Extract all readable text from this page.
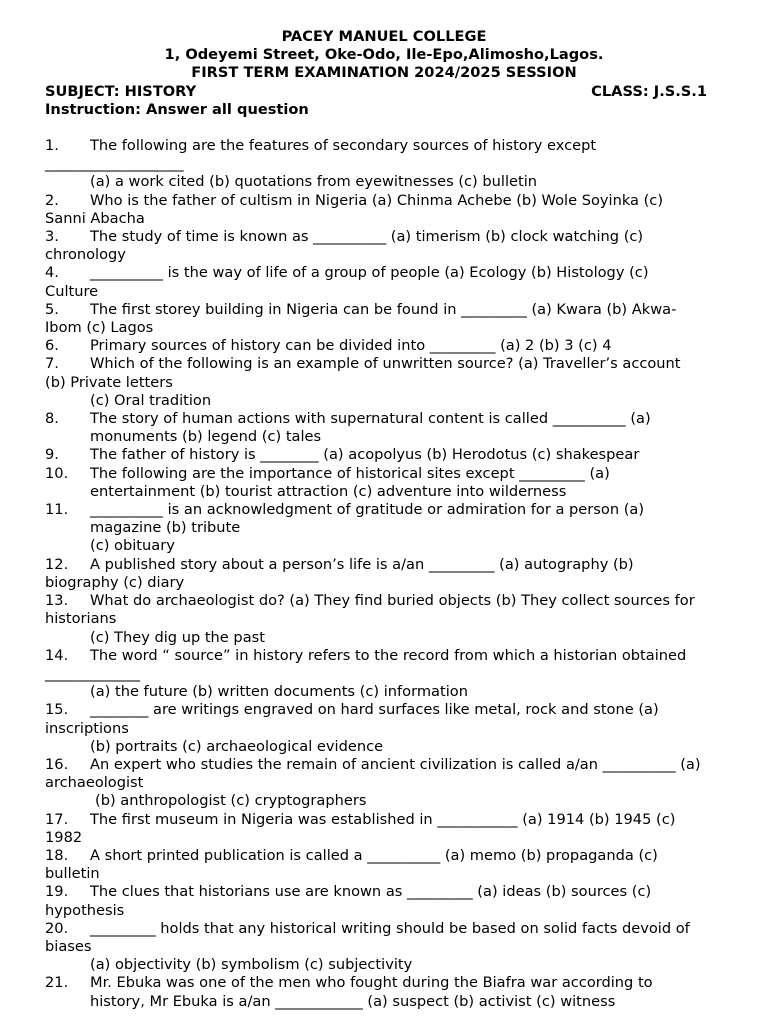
PACEY MANUEL COLLEGE
1, Odeyemi Street, Oke-Odo, Ile-Epo,Alimosho,Lagos.
FIRST TERM EXAMINATION 2024/2025 SESSION
SUBJECT: HISTORY	CLASS: J.S.S.1
Instruction: Answer all question
1. The following are the features of secondary sources of history except
___________________
(a) a work cited (b) quotations from eyewitnesses (c) bulletin
2. Who is the father of cultism in Nigeria (a) Chinma Achebe (b) Wole Soyinka (c)
Sanni Abacha
3. The study of time is known as __________ (a) timerism (b) clock watching (c)
chronology
4. __________ is the way of life of a group of people (a) Ecology (b) Histology (c)
Culture
5. The first storey building in Nigeria can be found in _________ (a) Kwara (b) Akwa-
Ibom (c) Lagos
6. Primary sources of history can be divided into _________ (a) 2 (b) 3 (c) 4
7. Which of the following is an example of unwritten source? (a) Traveller’s account
(b) Private letters
(c) Oral tradition
8. The story of human actions with supernatural content is called __________ (a)
monuments (b) legend (c) tales
9. The father of history is ________ (a) acopolyus (b) Herodotus (c) shakespear
10. The following are the importance of historical sites except _________ (a)
entertainment (b) tourist attraction (c) adventure into wilderness
11. __________ is an acknowledgment of gratitude or admiration for a person (a)
magazine (b) tribute
(c) obituary
12. A published story about a person’s life is a/an _________ (a) autography (b)
biography (c) diary
13. What do archaeologist do? (a) They find buried objects (b) They collect sources for
historians
(c) They dig up the past
14. The word “ source” in history refers to the record from which a historian obtained
_____________
(a) the future (b) written documents (c) information
15. ________ are writings engraved on hard surfaces like metal, rock and stone (a)
inscriptions
(b) portraits (c) archaeological evidence
16. An expert who studies the remain of ancient civilization is called a/an __________ (a)
archaeologist
(b) anthropologist (c) cryptographers
17. The first museum in Nigeria was established in ___________ (a) 1914 (b) 1945 (c)
1982
18. A short printed publication is called a __________ (a) memo (b) propaganda (c)
bulletin
19. The clues that historians use are known as _________ (a) ideas (b) sources (c)
hypothesis
20. _________ holds that any historical writing should be based on solid facts devoid of
biases
(a) objectivity (b) symbolism (c) subjectivity
21. Mr. Ebuka was one of the men who fought during the Biafra war according to
history, Mr Ebuka is a/an ____________ (a) suspect (b) activist (c) witness
